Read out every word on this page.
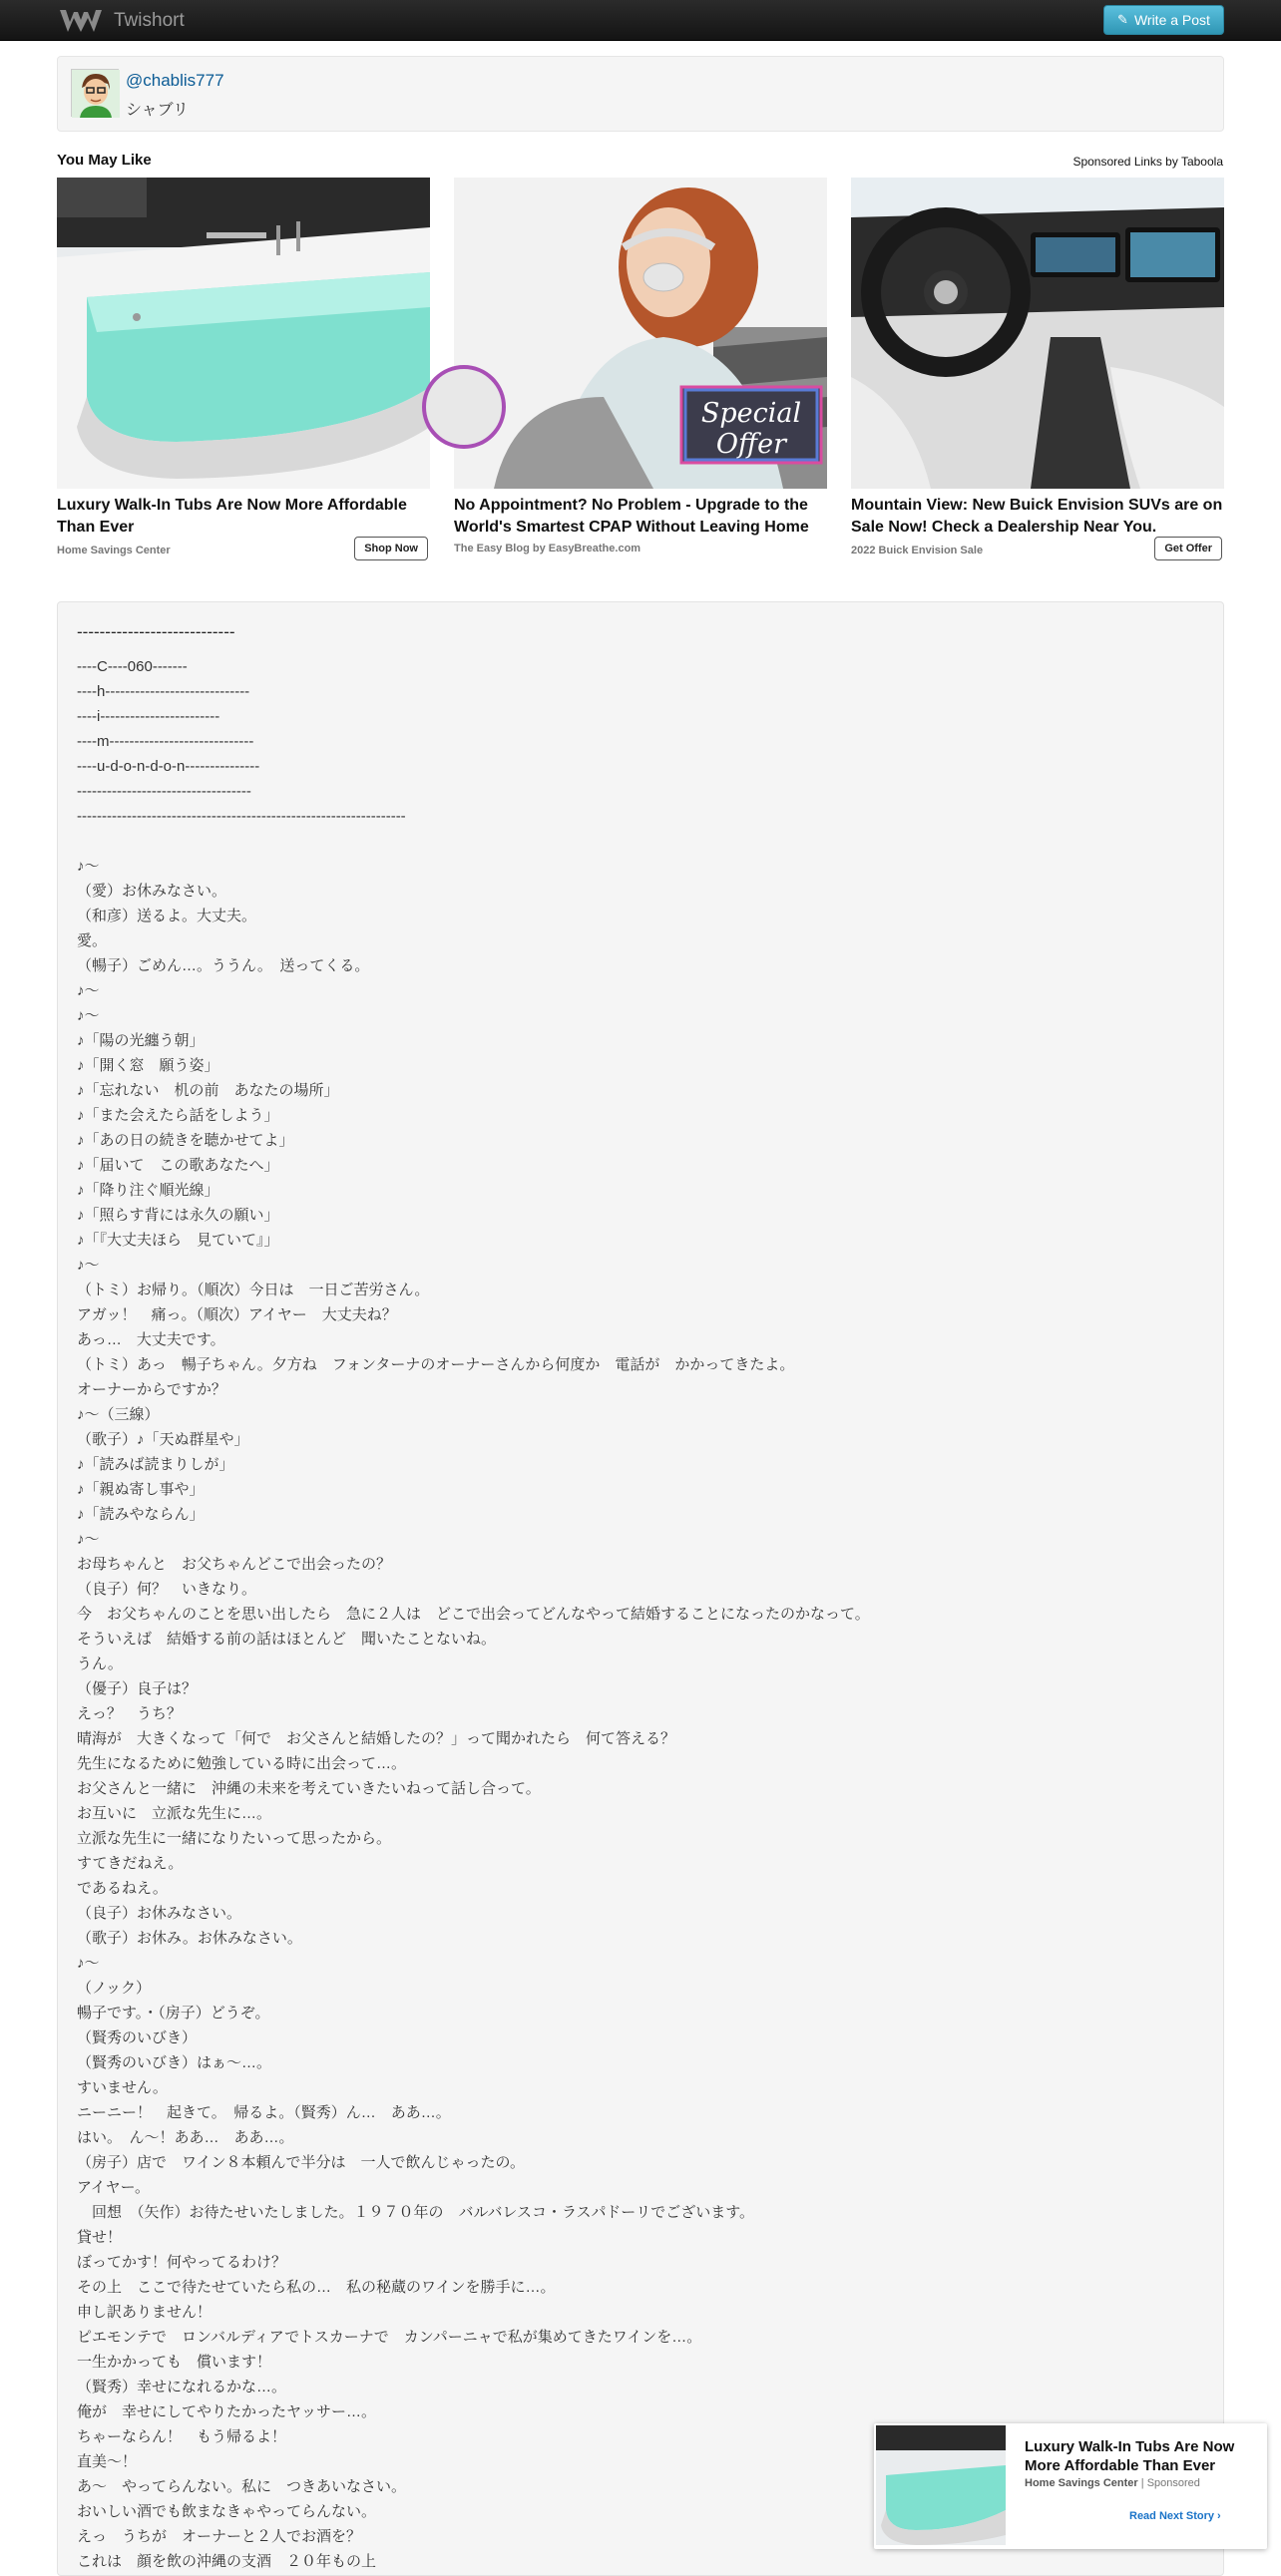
Twishort	✎ Write a Post
@chablis777
シャブリ
You May Like	Sponsored Links by Taboola
Luxury Walk-In Tubs Are Now More Affordable Than Ever
Home Savings Center	Shop Now
Special
Offer
No Appointment? No Problem - Upgrade to the World's Smartest CPAP Without Leaving Home
The Easy Blog by EasyBreathe.com
Mountain View: New Buick Envision SUVs are on Sale Now! Check a Dealership Near You.
2022 Buick Envision Sale	Get Offer
----------------------------
----C----060-------
----h-----------------------------
----i------------------------
----m-----------------------------
----u-d-o-n-d-o-n---------------
-----------------------------------
------------------------------------------------------------------
♪～
（愛）お休みなさい。
（和彦）送るよ。大丈夫。
愛。
（暢子）ごめん…。ううん。　送ってくる。
♪～
♪～
♪「陽の光纏う朝」
♪「開く窓　願う姿」
♪「忘れない　机の前　あなたの場所」
♪「また会えたら話をしよう」
♪「あの日の続きを聴かせてよ」
♪「届いて　この歌あなたへ」
♪「降り注ぐ順光線」
♪「照らす背には永久の願い」
♪「『大丈夫ほら　見ていて』」
♪～
（トミ）お帰り。（順次）今日は　一日ご苦労さん。
アガッ！　痛っ。（順次）アイヤー　大丈夫ね？
あっ…　大丈夫です。
（トミ）あっ　暢子ちゃん。夕方ね　フォンターナのオーナーさんから何度か　電話が　かかってきたよ。
オーナーからですか？
♪～（三線）
（歌子）♪「天ぬ群星や」
♪「読みば読まりしが」
♪「親ぬ寄し事や」
♪「読みやならん」
♪～
お母ちゃんと　お父ちゃんどこで出会ったの？
（良子）何？　いきなり。
今　お父ちゃんのことを思い出したら　急に２人は　どこで出会ってどんなやって結婚することになったのかなって。
そういえば　結婚する前の話はほとんど　聞いたことないね。
うん。
（優子）良子は？
えっ？　うち？
晴海が　大きくなって「何で　お父さんと結婚したの？」って聞かれたら　何て答える？
先生になるために勉強している時に出会って…。
お父さんと一緒に　沖縄の未来を考えていきたいねって話し合って。
お互いに　立派な先生に…。
立派な先生に一緒になりたいって思ったから。
すてきだねえ。
であるねえ。
（良子）お休みなさい。
（歌子）お休み。お休みなさい。
♪～
（ノック）
暢子です。・（房子）どうぞ。
（賢秀のいびき）
（賢秀のいびき）はぁ～…。
すいません。
ニーニー！　起きて。　帰るよ。（賢秀）ん…　ああ…。
はい。　ん～！ああ…　ああ…。
（房子）店で　ワイン８本頼んで半分は　一人で飲んじゃったの。
アイヤー。
　回想　（矢作）お待たせいたしました。１９７０年の　バルバレスコ・ラスパドーリでございます。
貸せ！
ぼってかす！何やってるわけ？
その上　ここで待たせていたら私の…　私の秘蔵のワインを勝手に…。
申し訳ありません！
ピエモンテで　ロンバルディアでトスカーナで　カンパーニャで私が集めてきたワインを…。
一生かかっても　償います！
（賢秀）幸せになれるかな…。
俺が　幸せにしてやりたかったヤッサー…。
ちゃーならん！　もう帰るよ！
直美～！
あ～　やってらんない。私に　つきあいなさい。
おいしい酒でも飲まなきゃやってらんない。
えっ　うちが　オーナーと２人でお酒を？
これは　顔を飲の沖縄の支酒　２０年もの上
Luxury Walk-In Tubs Are Now More Affordable Than Ever
Home Savings Center | Sponsored
Read Next Story ›
